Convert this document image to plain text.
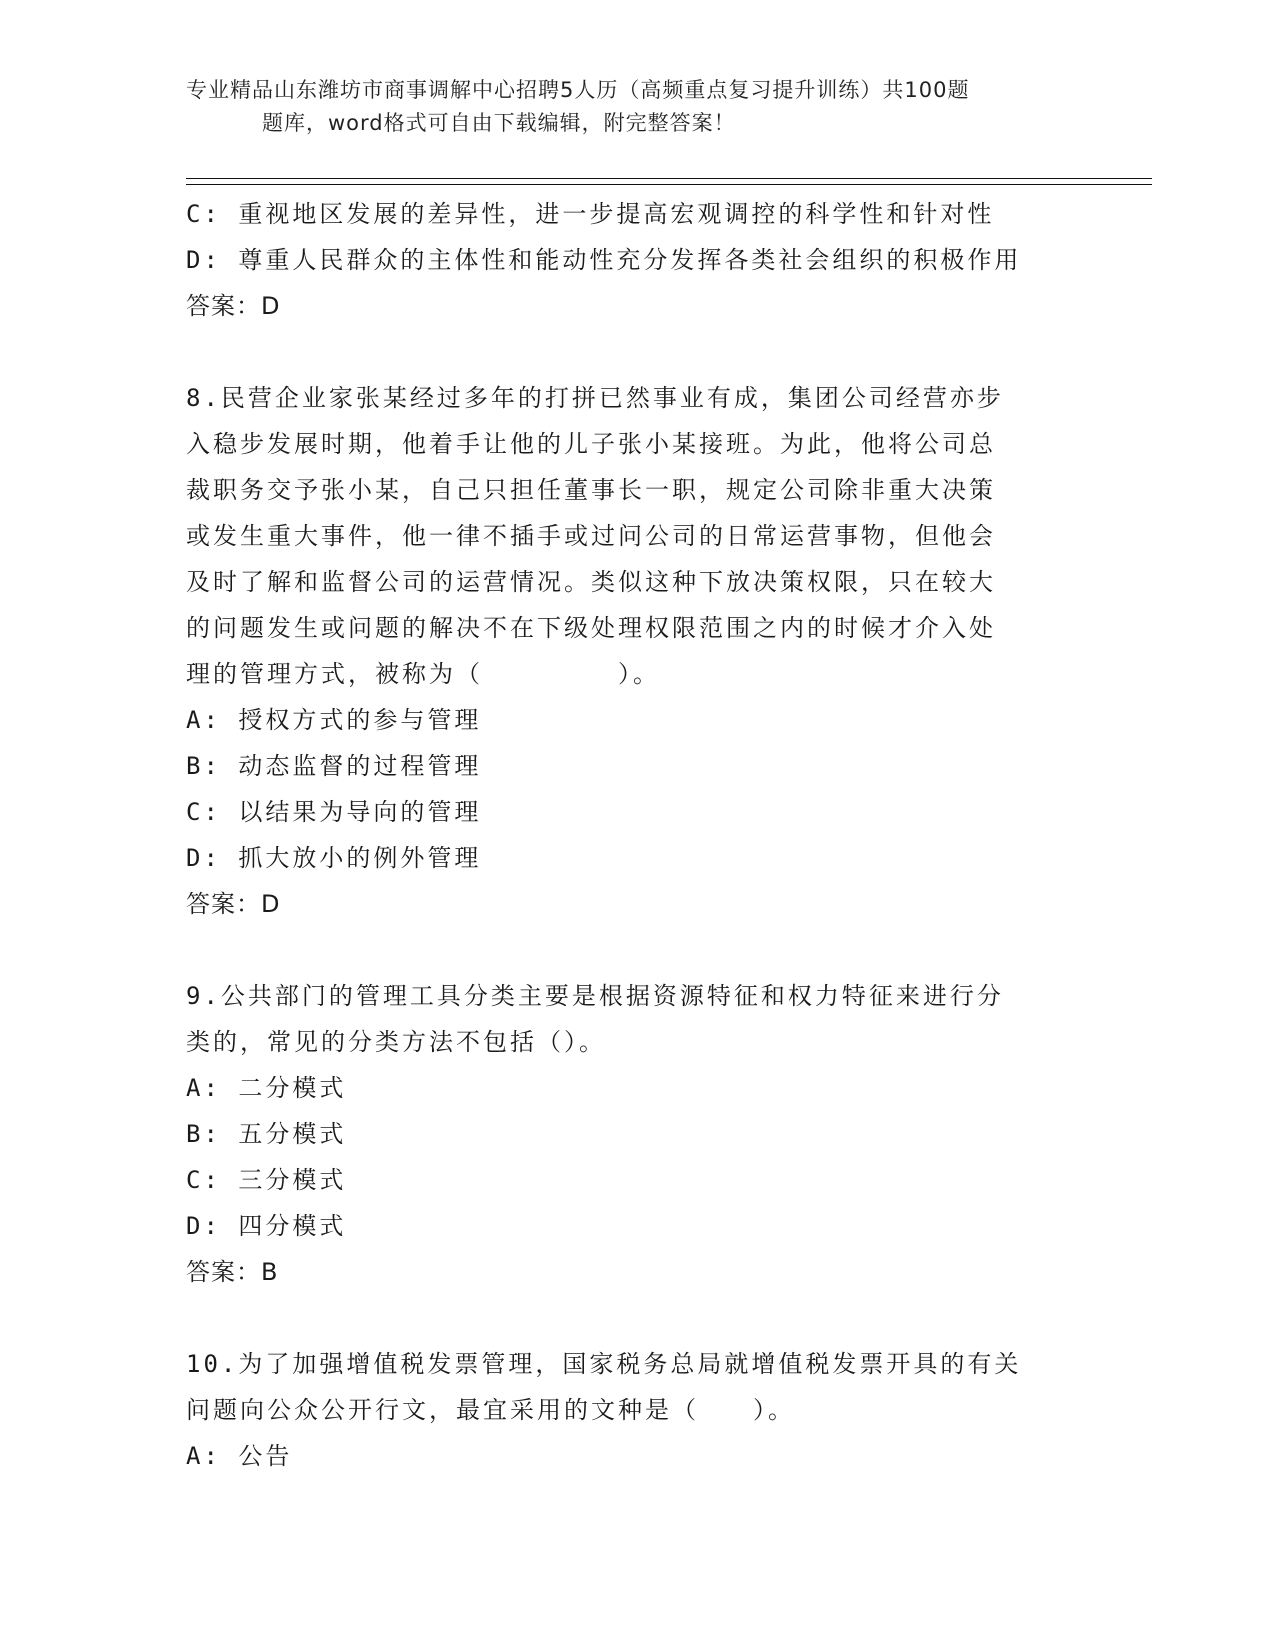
专业精品山东潍坊市商事调解中心招聘5人历（高频重点复习提升训练）共100题
题库，word格式可自由下载编辑，附完整答案！
C: 重视地区发展的差异性，进一步提高宏观调控的科学性和针对性
D: 尊重人民群众的主体性和能动性充分发挥各类社会组织的积极作用
答案：D
8.民营企业家张某经过多年的打拼已然事业有成，集团公司经营亦步
入稳步发展时期，他着手让他的儿子张小某接班。为此，他将公司总
裁职务交予张小某，自己只担任董事长一职，规定公司除非重大决策
或发生重大事件，他一律不插手或过问公司的日常运营事物，但他会
及时了解和监督公司的运营情况。类似这种下放决策权限，只在较大
的问题发生或问题的解决不在下级处理权限范围之内的时候才介入处
理的管理方式，被称为（　　　　　）。
A: 授权方式的参与管理
B: 动态监督的过程管理
C: 以结果为导向的管理
D: 抓大放小的例外管理
答案：D
9.公共部门的管理工具分类主要是根据资源特征和权力特征来进行分
类的，常见的分类方法不包括（）。
A: 二分模式
B: 五分模式
C: 三分模式
D: 四分模式
答案：B
10.为了加强增值税发票管理，国家税务总局就增值税发票开具的有关
问题向公众公开行文，最宜采用的文种是（　　）。
A: 公告
